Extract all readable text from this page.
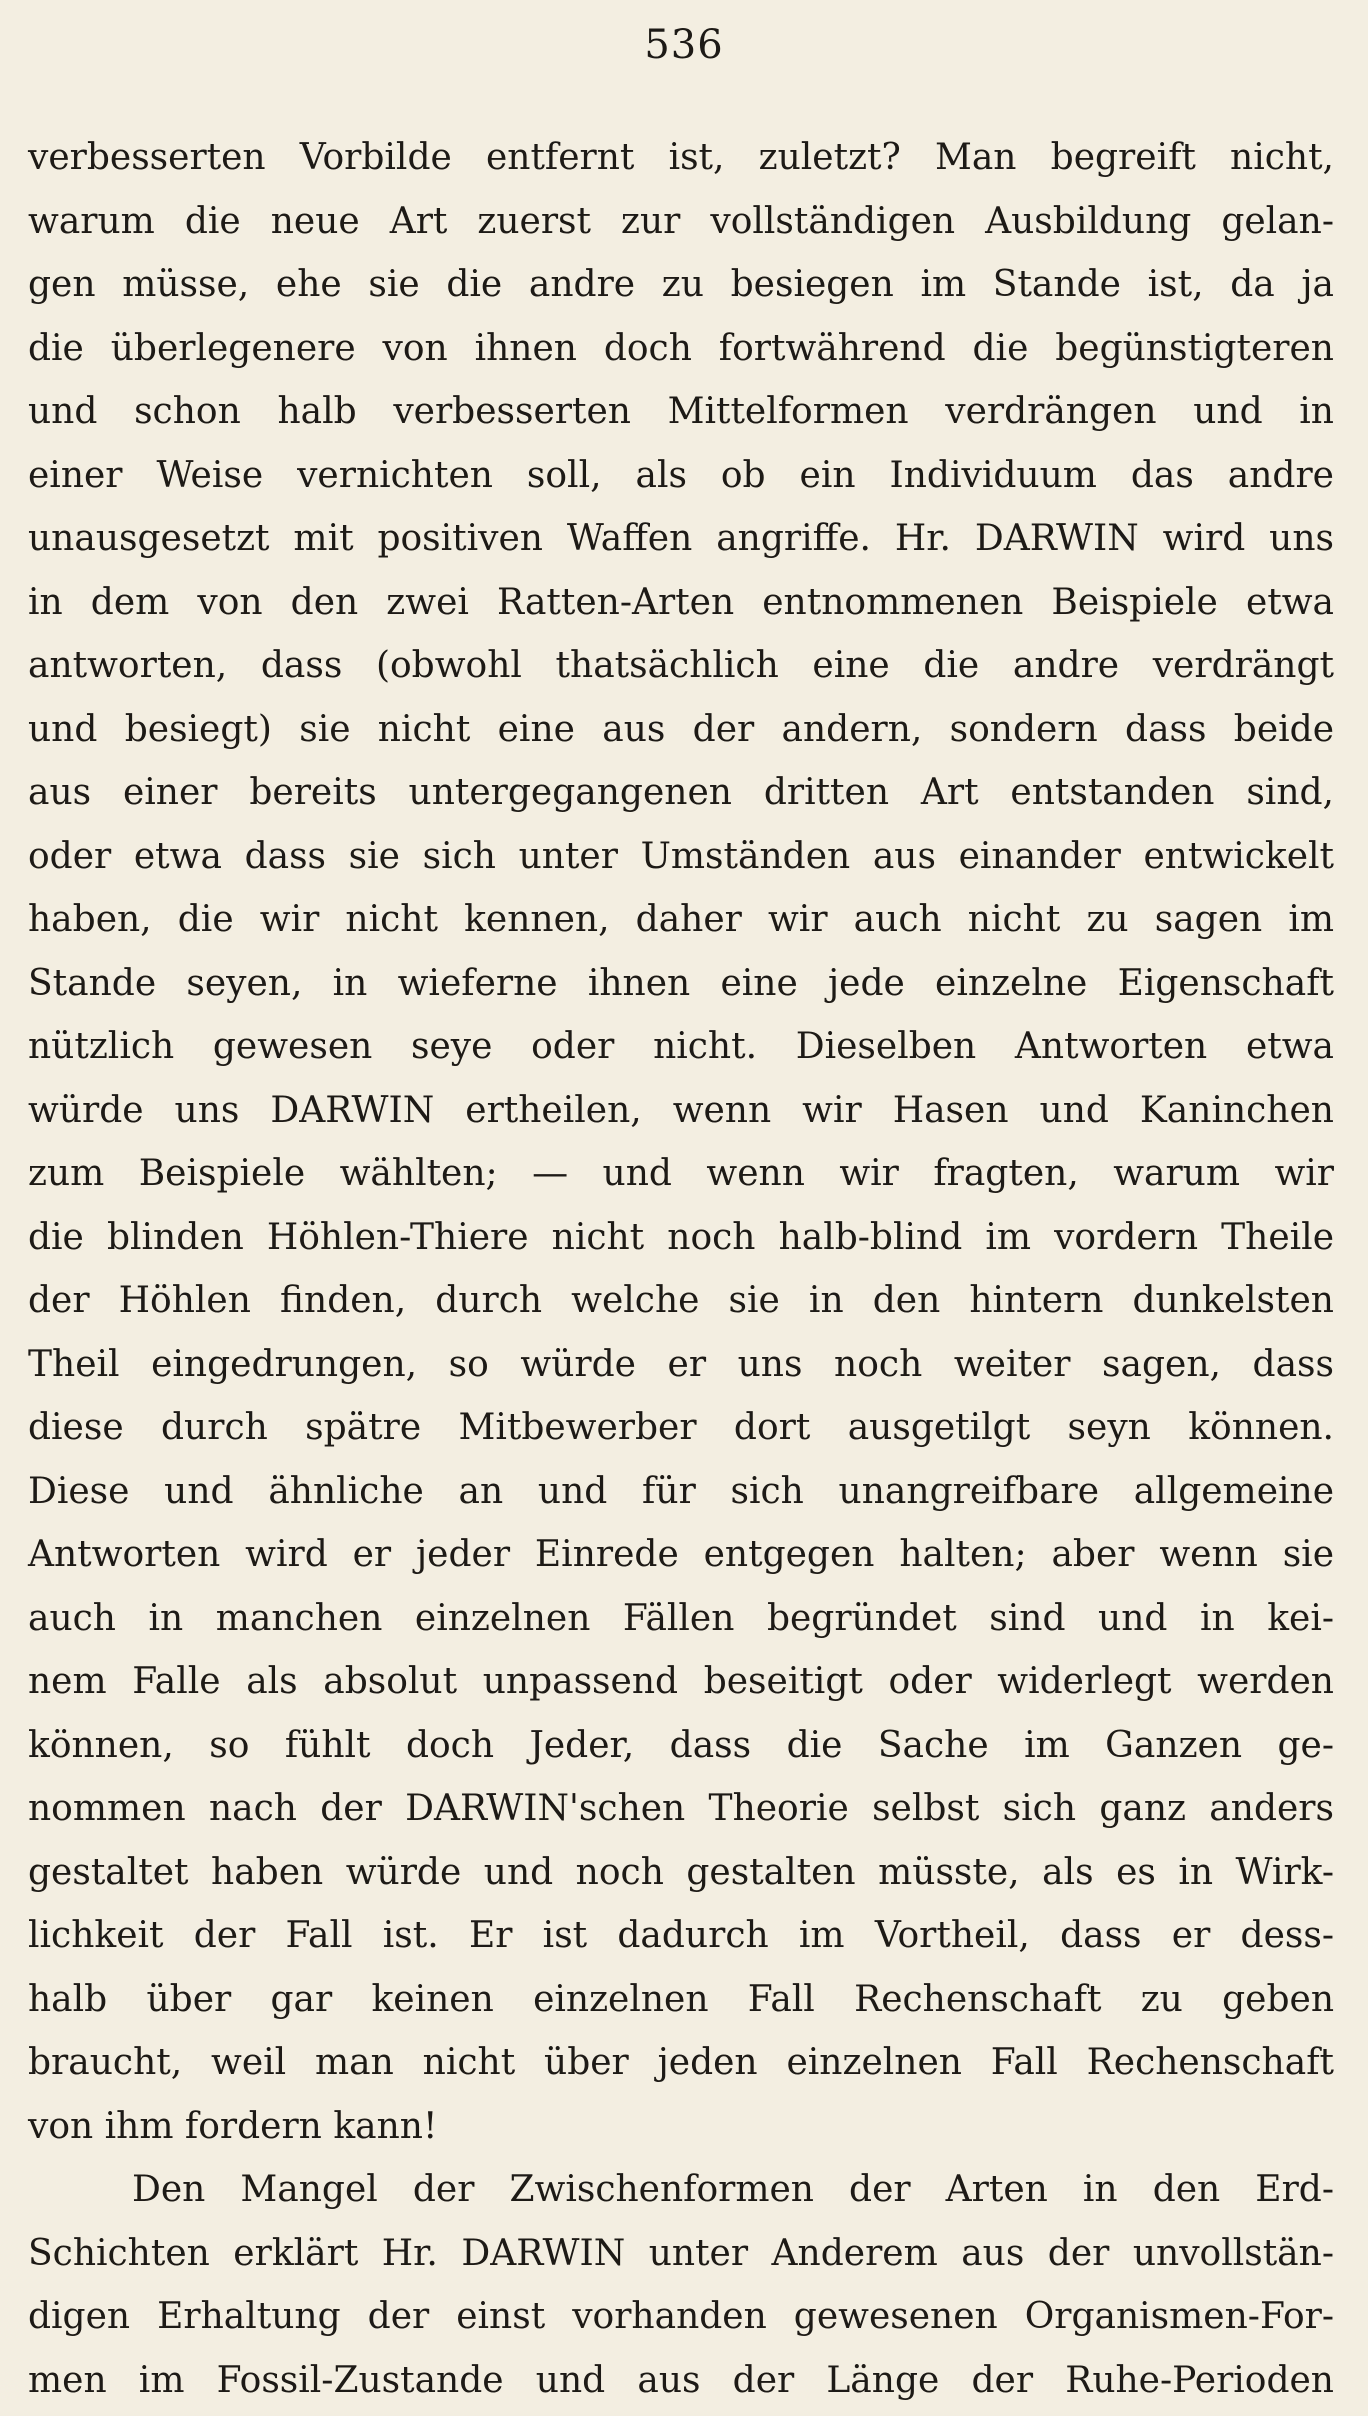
536
verbesserten Vorbilde entfernt ist, zuletzt? Man begreift nicht,
warum die neue Art zuerst zur vollständigen Ausbildung gelan-
gen müsse, ehe sie die andre zu besiegen im Stande ist, da ja
die überlegenere von ihnen doch fortwährend die begünstigteren
und schon halb verbesserten Mittelformen verdrängen und in
einer Weise vernichten soll, als ob ein Individuum das andre
unausgesetzt mit positiven Waffen angriffe. Hr. DARWIN wird uns
in dem von den zwei Ratten-Arten entnommenen Beispiele etwa
antworten, dass (obwohl thatsächlich eine die andre verdrängt
und besiegt) sie nicht eine aus der andern, sondern dass beide
aus einer bereits untergegangenen dritten Art entstanden sind,
oder etwa dass sie sich unter Umständen aus einander entwickelt
haben, die wir nicht kennen, daher wir auch nicht zu sagen im
Stande seyen, in wieferne ihnen eine jede einzelne Eigenschaft
nützlich gewesen seye oder nicht. Dieselben Antworten etwa
würde uns DARWIN ertheilen, wenn wir Hasen und Kaninchen
zum Beispiele wählten; — und wenn wir fragten, warum wir
die blinden Höhlen-Thiere nicht noch halb-blind im vordern Theile
der Höhlen finden, durch welche sie in den hintern dunkelsten
Theil eingedrungen, so würde er uns noch weiter sagen, dass
diese durch spätre Mitbewerber dort ausgetilgt seyn können.
Diese und ähnliche an und für sich unangreifbare allgemeine
Antworten wird er jeder Einrede entgegen halten; aber wenn sie
auch in manchen einzelnen Fällen begründet sind und in kei-
nem Falle als absolut unpassend beseitigt oder widerlegt werden
können, so fühlt doch Jeder, dass die Sache im Ganzen ge-
nommen nach der DARWIN'schen Theorie selbst sich ganz anders
gestaltet haben würde und noch gestalten müsste, als es in Wirk-
lichkeit der Fall ist. Er ist dadurch im Vortheil, dass er dess-
halb über gar keinen einzelnen Fall Rechenschaft zu geben
braucht, weil man nicht über jeden einzelnen Fall Rechenschaft
von ihm fordern kann!
Den Mangel der Zwischenformen der Arten in den Erd-
Schichten erklärt Hr. DARWIN unter Anderem aus der unvollstän-
digen Erhaltung der einst vorhanden gewesenen Organismen-For-
men im Fossil-Zustande und aus der Länge der Ruhe-Perioden
